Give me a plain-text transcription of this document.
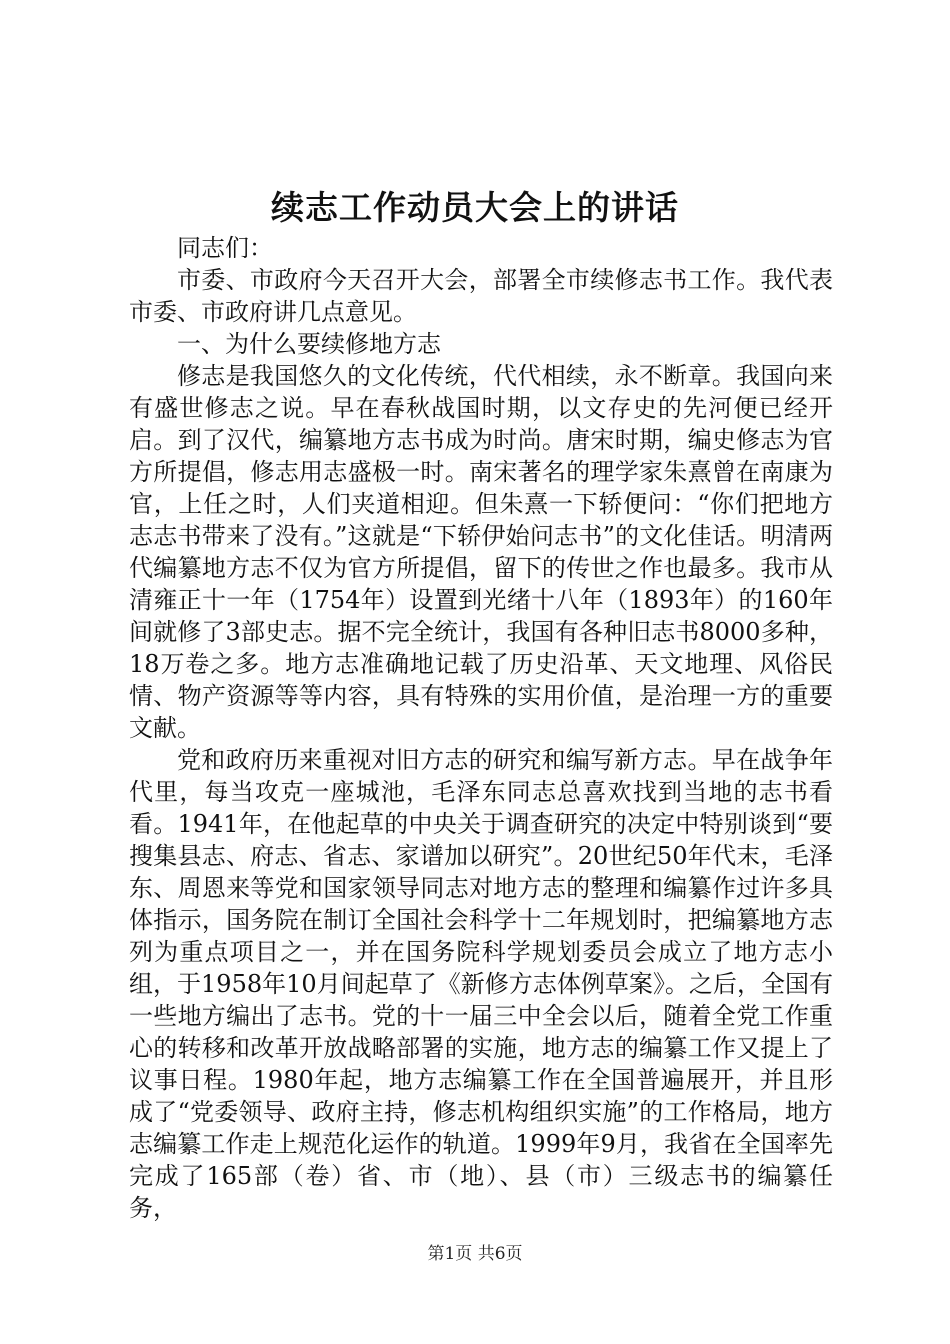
续志工作动员大会上的讲话

同志们：

市委、市政府今天召开大会，部署全市续修志书工作。我代表市委、市政府讲几点意见。

一、为什么要续修地方志

修志是我国悠久的文化传统，代代相续，永不断章。我国向来有盛世修志之说。早在春秋战国时期，以文存史的先河便已经开启。到了汉代，编纂地方志书成为时尚。唐宋时期，编史修志为官方所提倡，修志用志盛极一时。南宋著名的理学家朱熹曾在南康为官，上任之时，人们夹道相迎。但朱熹一下轿便问：“你们把地方志志书带来了没有。”这就是“下轿伊始问志书”的文化佳话。明清两代编纂地方志不仅为官方所提倡，留下的传世之作也最多。我市从清雍正十一年（1754年）设置到光绪十八年（1893年）的160年间就修了3部史志。据不完全统计，我国有各种旧志书8000多种，18万卷之多。地方志准确地记载了历史沿革、天文地理、风俗民情、物产资源等等内容，具有特殊的实用价值，是治理一方的重要文献。

党和政府历来重视对旧方志的研究和编写新方志。早在战争年代里，每当攻克一座城池，毛泽东同志总喜欢找到当地的志书看看。1941年，在他起草的中央关于调查研究的决定中特别谈到“要搜集县志、府志、省志、家谱加以研究”。20世纪50年代末，毛泽东、周恩来等党和国家领导同志对地方志的整理和编纂作过许多具体指示，国务院在制订全国社会科学十二年规划时，把编纂地方志列为重点项目之一，并在国务院科学规划委员会成立了地方志小组，于1958年10月间起草了《新修方志体例草案》。之后，全国有一些地方编出了志书。党的十一届三中全会以后，随着全党工作重心的转移和改革开放战略部署的实施，地方志的编纂工作又提上了议事日程。1980年起，地方志编纂工作在全国普遍展开，并且形成了“党委领导、政府主持，修志机构组织实施”的工作格局，地方志编纂工作走上规范化运作的轨道。1999年9月，我省在全国率先完成了165部（卷）省、市（地）、县（市）三级志书的编纂任务，

第1页 共6页
